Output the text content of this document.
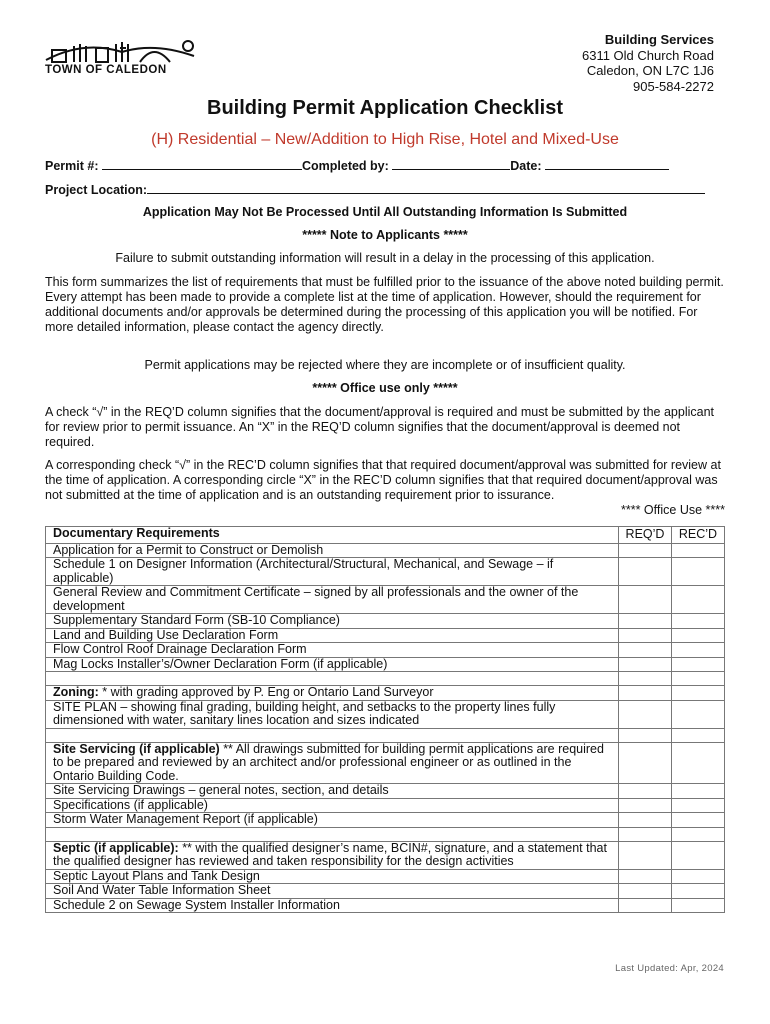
TOWN OF CALEDON
Building Services
6311 Old Church Road
Caledon, ON L7C 1J6
905-584-2272
Building Permit Application Checklist
(H) Residential – New/Addition to High Rise, Hotel and Mixed-Use
Permit #:	Completed by:	Date:
Project Location:
Application May Not Be Processed Until All Outstanding Information Is Submitted
***** Note to Applicants *****
Failure to submit outstanding information will result in a delay in the processing of this application.
This form summarizes the list of requirements that must be fulfilled prior to the issuance of the above noted building permit. Every attempt has been made to provide a complete list at the time of application. However, should the requirement for additional documents and/or approvals be determined during the processing of this application you will be notified. For more detailed information, please contact the agency directly.
Permit applications may be rejected where they are incomplete or of insufficient quality.
***** Office use only *****
A check “√” in the REQ’D column signifies that the document/approval is required and must be submitted by the applicant for review prior to permit issuance. An “X” in the REQ’D column signifies that the document/approval is deemed not required.
A corresponding check “√” in the REC’D column signifies that that required document/approval was submitted for review at the time of application. A corresponding circle “X” in the REC’D column signifies that that required document/approval was not submitted at the time of application and is an outstanding requirement prior to issurance.
**** Office Use ****
Documentary Requirements	REQ’D	REC’D
Application for a Permit to Construct or Demolish		
Schedule 1 on Designer Information (Architectural/Structural, Mechanical, and Sewage – if applicable)		
General Review and Commitment Certificate – signed by all professionals and the owner of the development		
Supplementary Standard Form (SB-10 Compliance)		
Land and Building Use Declaration Form		
Flow Control Roof Drainage Declaration Form		
Mag Locks Installer’s/Owner Declaration Form (if applicable)		

Zoning: * with grading approved by P. Eng or Ontario Land Surveyor		
SITE PLAN – showing final grading, building height, and setbacks to the property lines fully dimensioned with water, sanitary lines location and sizes indicated		

Site Servicing (if applicable) ** All drawings submitted for building permit applications are required to be prepared and reviewed by an architect and/or professional engineer or as outlined in the Ontario Building Code.		
Site Servicing Drawings – general notes, section, and details		
Specifications (if applicable)		
Storm Water Management Report (if applicable)		

Septic (if applicable): ** with the qualified designer’s name, BCIN#, signature, and a statement that the qualified designer has reviewed and taken responsibility for the design activities		
Septic Layout Plans and Tank Design		
Soil And Water Table Information Sheet		
Schedule 2 on Sewage System Installer Information		
Last Updated: Apr, 2024
